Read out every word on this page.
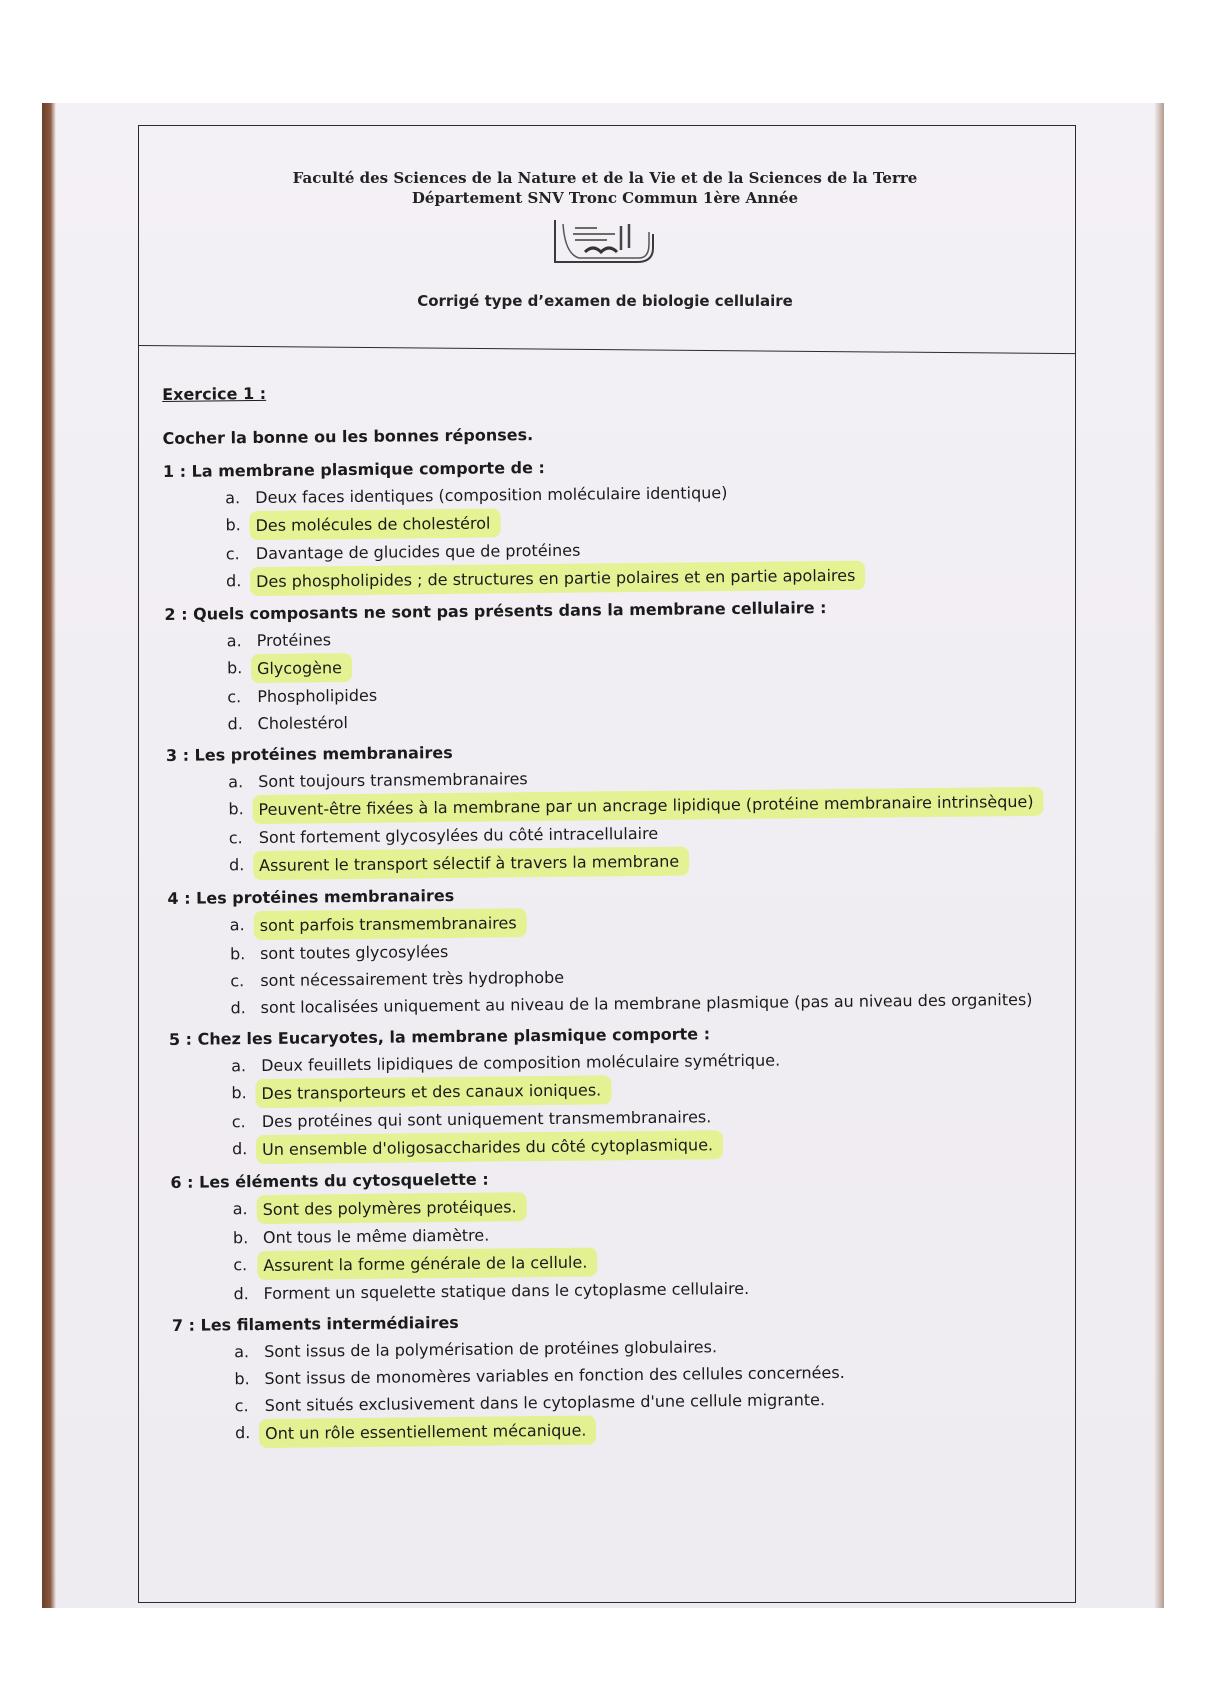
Faculté des Sciences de la Nature et de la Vie et de la Sciences de la Terre
Département SNV Tronc Commun 1ère Année
Corrigé type d’examen de biologie cellulaire
Exercice 1 :
Cocher la bonne ou les bonnes réponses.
1 : La membrane plasmique comporte de :
a. Deux faces identiques (composition moléculaire identique)
b. Des molécules de cholestérol
c. Davantage de glucides que de protéines
d. Des phospholipides ; de structures en partie polaires et en partie apolaires
2 : Quels composants ne sont pas présents dans la membrane cellulaire :
a. Protéines
b. Glycogène
c. Phospholipides
d. Cholestérol
3 : Les protéines membranaires
a. Sont toujours transmembranaires
b. Peuvent-être fixées à la membrane par un ancrage lipidique (protéine membranaire intrinsèque)
c. Sont fortement glycosylées du côté intracellulaire
d. Assurent le transport sélectif à travers la membrane
4 : Les protéines membranaires
a. sont parfois transmembranaires
b. sont toutes glycosylées
c. sont nécessairement très hydrophobe
d. sont localisées uniquement au niveau de la membrane plasmique (pas au niveau des organites)
5 : Chez les Eucaryotes, la membrane plasmique comporte :
a. Deux feuillets lipidiques de composition moléculaire symétrique.
b. Des transporteurs et des canaux ioniques.
c. Des protéines qui sont uniquement transmembranaires.
d. Un ensemble d'oligosaccharides du côté cytoplasmique.
6 : Les éléments du cytosquelette :
a. Sont des polymères protéiques.
b. Ont tous le même diamètre.
c. Assurent la forme générale de la cellule.
d. Forment un squelette statique dans le cytoplasme cellulaire.
7 : Les filaments intermédiaires
a. Sont issus de la polymérisation de protéines globulaires.
b. Sont issus de monomères variables en fonction des cellules concernées.
c. Sont situés exclusivement dans le cytoplasme d'une cellule migrante.
d. Ont un rôle essentiellement mécanique.
